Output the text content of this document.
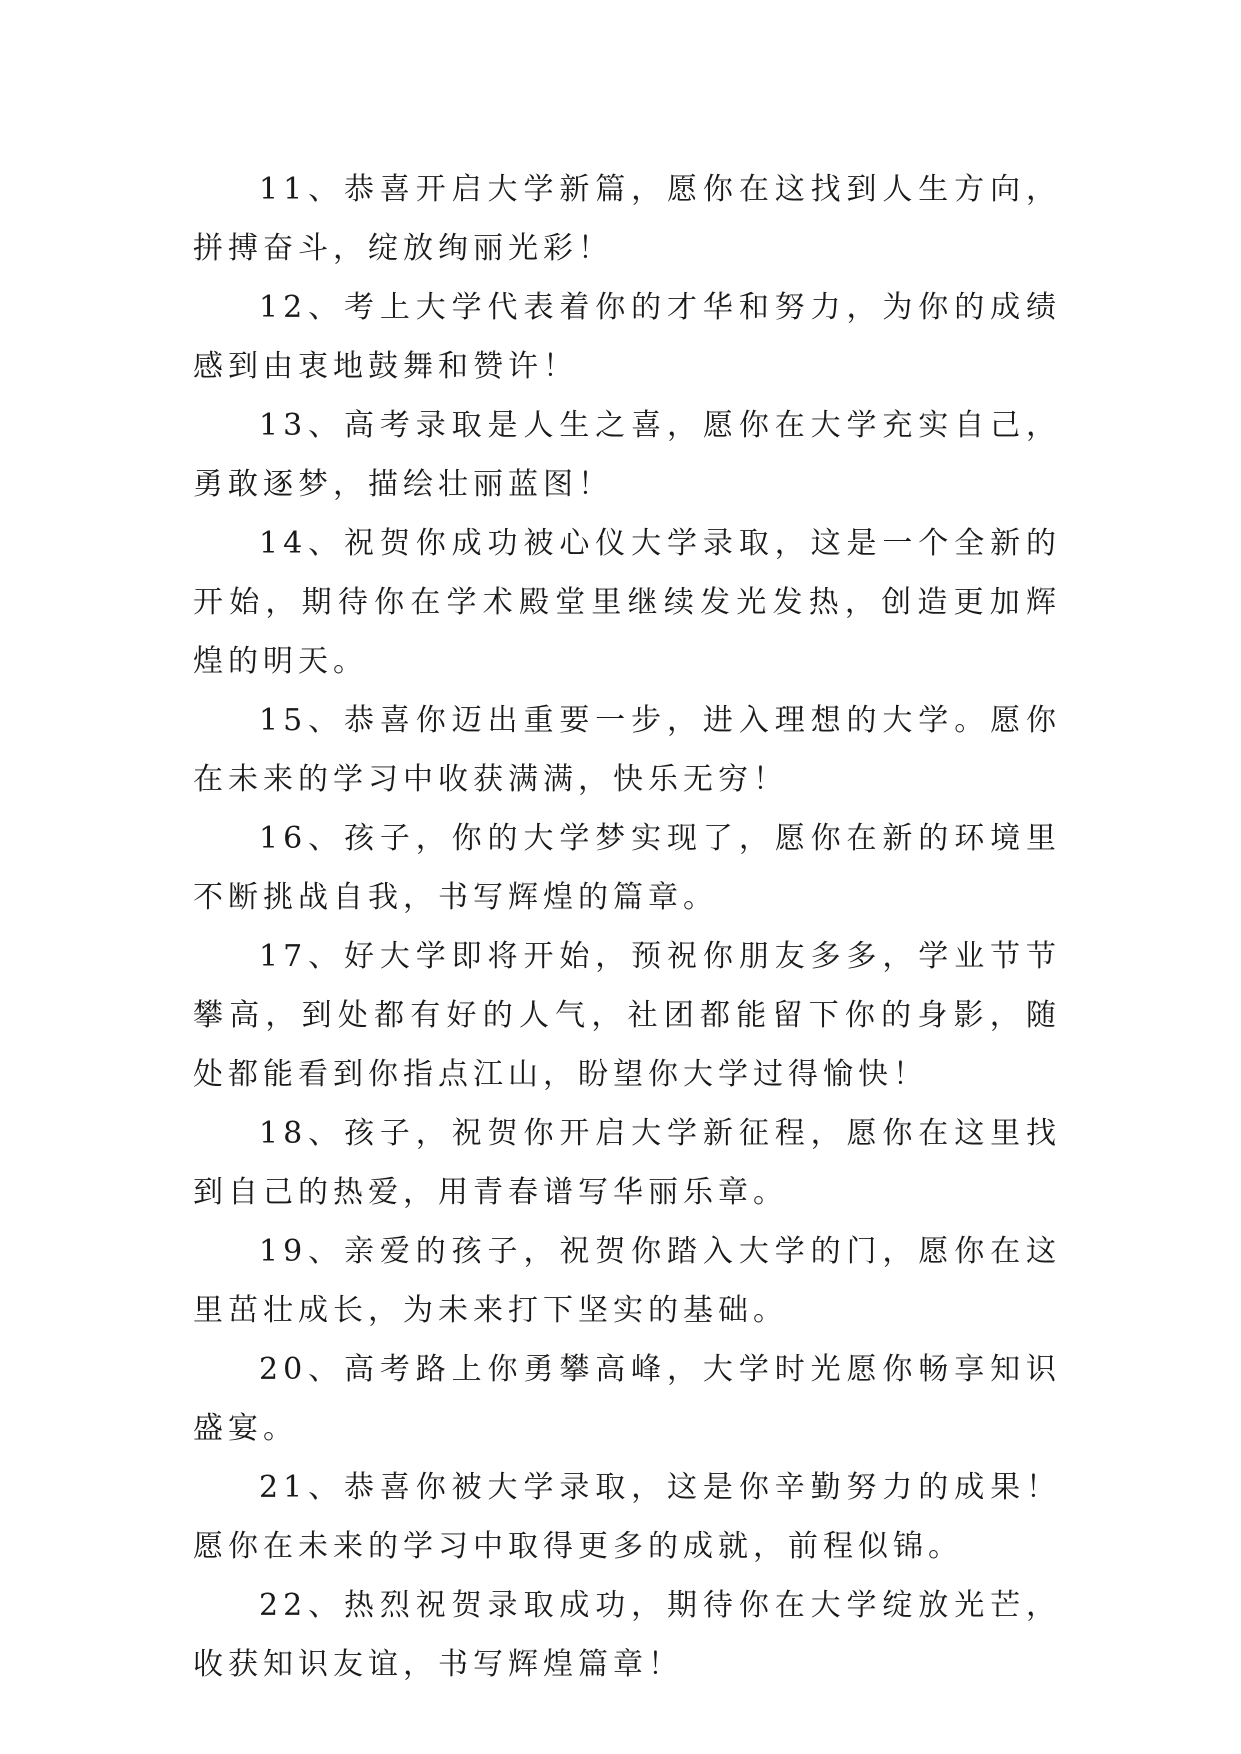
11、恭喜开启大学新篇，愿你在这找到人生方向，拼搏奋斗，绽放绚丽光彩！

12、考上大学代表着你的才华和努力，为你的成绩感到由衷地鼓舞和赞许！

13、高考录取是人生之喜，愿你在大学充实自己，勇敢逐梦，描绘壮丽蓝图！

14、祝贺你成功被心仪大学录取，这是一个全新的开始，期待你在学术殿堂里继续发光发热，创造更加辉煌的明天。

15、恭喜你迈出重要一步，进入理想的大学。愿你在未来的学习中收获满满，快乐无穷！

16、孩子，你的大学梦实现了，愿你在新的环境里不断挑战自我，书写辉煌的篇章。

17、好大学即将开始，预祝你朋友多多，学业节节攀高，到处都有好的人气，社团都能留下你的身影，随处都能看到你指点江山，盼望你大学过得愉快！

18、孩子，祝贺你开启大学新征程，愿你在这里找到自己的热爱，用青春谱写华丽乐章。

19、亲爱的孩子，祝贺你踏入大学的门，愿你在这里茁壮成长，为未来打下坚实的基础。

20、高考路上你勇攀高峰，大学时光愿你畅享知识盛宴。

21、恭喜你被大学录取，这是你辛勤努力的成果！愿你在未来的学习中取得更多的成就，前程似锦。

22、热烈祝贺录取成功，期待你在大学绽放光芒，收获知识友谊，书写辉煌篇章！
